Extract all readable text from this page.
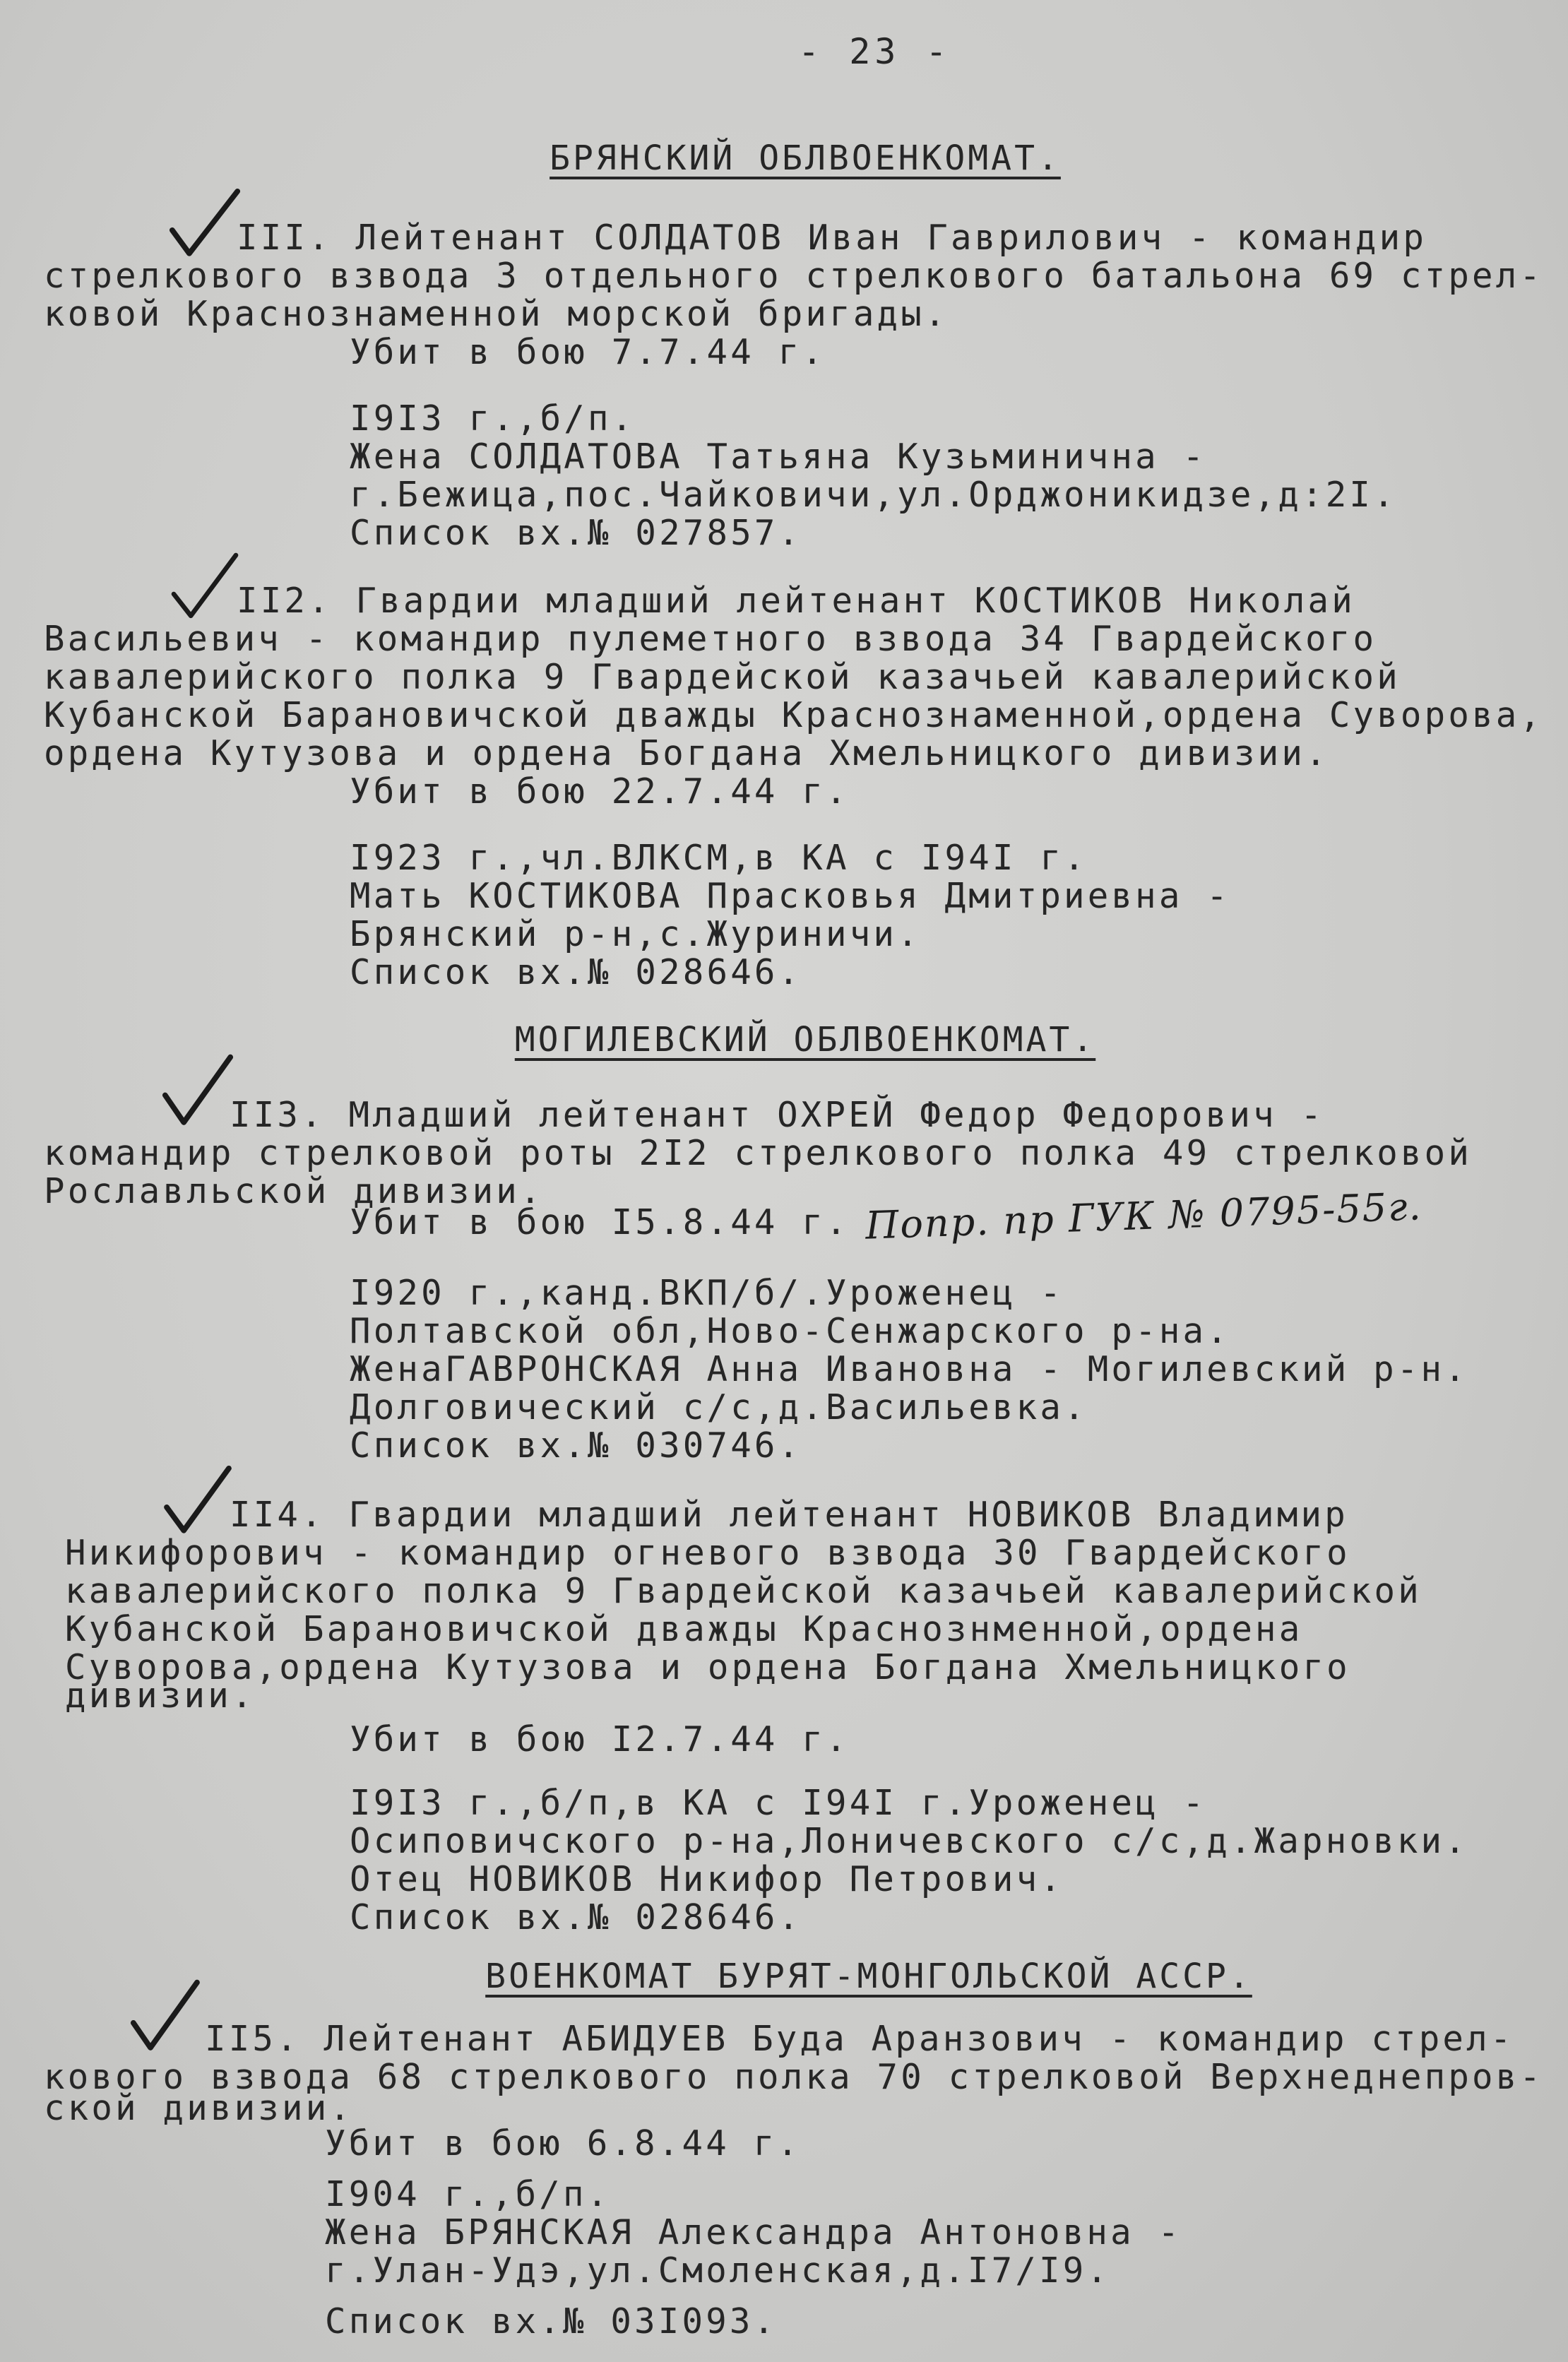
- 23 -
БРЯНСКИЙ ОБЛВОЕНКОМАТ.
III. Лейтенант СОЛДАТОВ Иван Гаврилович - командир
стрелкового взвода 3 отдельного стрелкового батальона 69 стрел-
ковой Краснознаменной морской бригады.
Убит в бою 7.7.44 г.
I9I3 г.,б/п.
Жена СОЛДАТОВА Татьяна Кузьминична -
г.Бежица,пос.Чайковичи,ул.Орджоникидзе,д:2I.
Список вх.№ 027857.
II2. Гвардии младший лейтенант КОСТИКОВ Николай
Васильевич - командир пулеметного взвода 34 Гвардейского
кавалерийского полка 9 Гвардейской казачьей кавалерийской
Кубанской Барановичской дважды Краснознаменной,ордена Суворова,
ордена Кутузова и ордена Богдана Хмельницкого дивизии.
Убит в бою 22.7.44 г.
I923 г.,чл.ВЛКСМ,в КА с I94I г.
Мать КОСТИКОВА Прасковья Дмитриевна -
Брянский р-н,с.Журиничи.
Список вх.№ 028646.
МОГИЛЕВСКИЙ ОБЛВОЕНКОМАТ.
II3. Младший лейтенант ОХРЕЙ Федор Федорович -
командир стрелковой роты 2I2 стрелкового полка 49 стрелковой
Рославльской дивизии.
Убит в бою I5.8.44 г. Попр. пр ГУК № 0795-55г.
I920 г.,канд.ВКП/б/.Уроженец -
Полтавской обл,Ново-Сенжарского р-на.
ЖенаГАВРОНСКАЯ Анна Ивановна - Могилевский р-н.
Долговичеcкий с/с,д.Васильевка.
Список вх.№ 030746.
II4. Гвардии младший лейтенант НОВИКОВ Владимир
Никифорович - командир огневого взвода 30 Гвардейского
кавалерийского полка 9 Гвардейской казачьей кавалерийской
Кубанской Барановичской дважды Краснознменной,ордена
Суворова,ордена Кутузова и ордена Богдана Хмельницкого
дивизии.
Убит в бою I2.7.44 г.
I9I3 г.,б/п,в КА с I94I г.Уроженец -
Осиповичского р-на,Лоничевского с/с,д.Жарновки.
Отец НОВИКОВ Никифор Петрович.
Список вх.№ 028646.
ВОЕНКОМАТ БУРЯТ-МОНГОЛЬСКОЙ АССР.
II5. Лейтенант АБИДУЕВ Буда Аранзович - командир стрел-
кового взвода 68 стрелкового полка 70 стрелковой Верхнеднепров-
ской дивизии.
Убит в бою 6.8.44 г.
I904 г.,б/п.
Жена БРЯНСКАЯ Александра Антоновна -
г.Улан-Удэ,ул.Смоленская,д.I7/I9.
Список вх.№ 03I093.
